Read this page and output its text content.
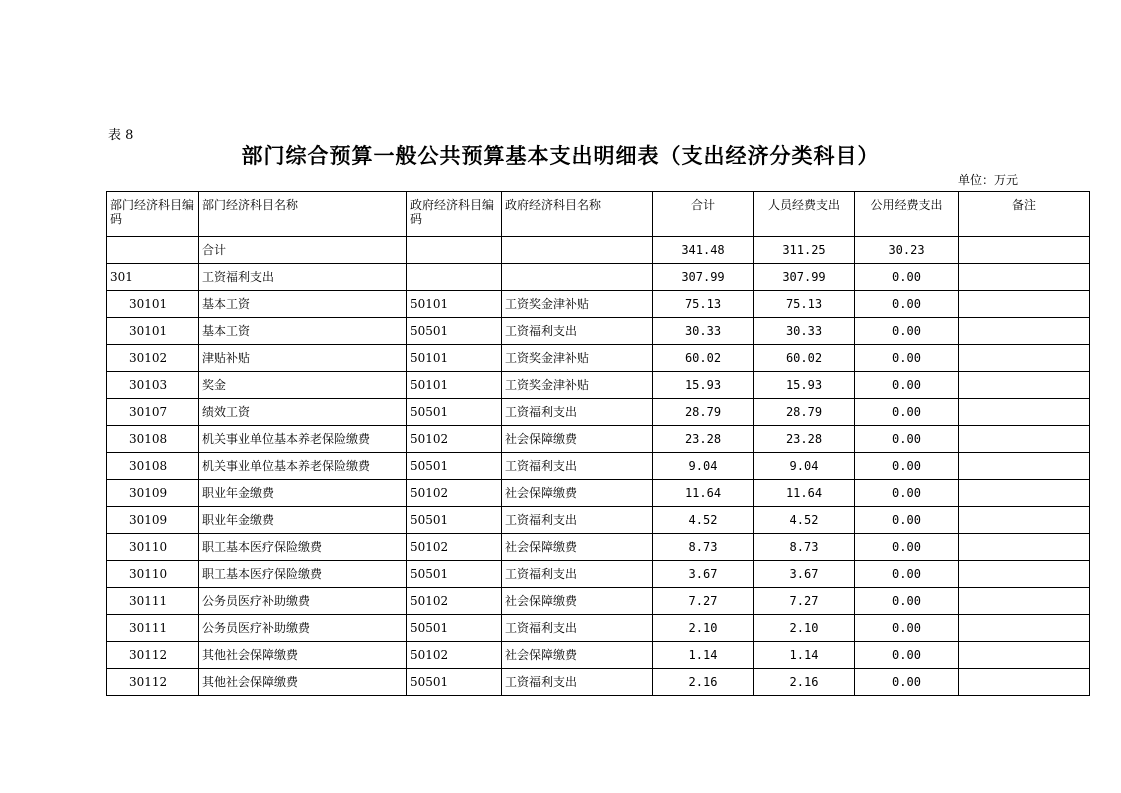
表 8
部门综合预算一般公共预算基本支出明细表（支出经济分类科目）
单位：万元
部门经济科目编码	部门经济科目名称	政府经济科目编码	政府经济科目名称	合计	人员经费支出	公用经费支出	备注
	合计			341.48	311.25	30.23	
301	工资福利支出			307.99	307.99	0.00	
30101	基本工资	50101	工资奖金津补贴	75.13	75.13	0.00	
30101	基本工资	50501	工资福利支出	30.33	30.33	0.00	
30102	津贴补贴	50101	工资奖金津补贴	60.02	60.02	0.00	
30103	奖金	50101	工资奖金津补贴	15.93	15.93	0.00	
30107	绩效工资	50501	工资福利支出	28.79	28.79	0.00	
30108	机关事业单位基本养老保险缴费	50102	社会保障缴费	23.28	23.28	0.00	
30108	机关事业单位基本养老保险缴费	50501	工资福利支出	9.04	9.04	0.00	
30109	职业年金缴费	50102	社会保障缴费	11.64	11.64	0.00	
30109	职业年金缴费	50501	工资福利支出	4.52	4.52	0.00	
30110	职工基本医疗保险缴费	50102	社会保障缴费	8.73	8.73	0.00	
30110	职工基本医疗保险缴费	50501	工资福利支出	3.67	3.67	0.00	
30111	公务员医疗补助缴费	50102	社会保障缴费	7.27	7.27	0.00	
30111	公务员医疗补助缴费	50501	工资福利支出	2.10	2.10	0.00	
30112	其他社会保障缴费	50102	社会保障缴费	1.14	1.14	0.00	
30112	其他社会保障缴费	50501	工资福利支出	2.16	2.16	0.00	
